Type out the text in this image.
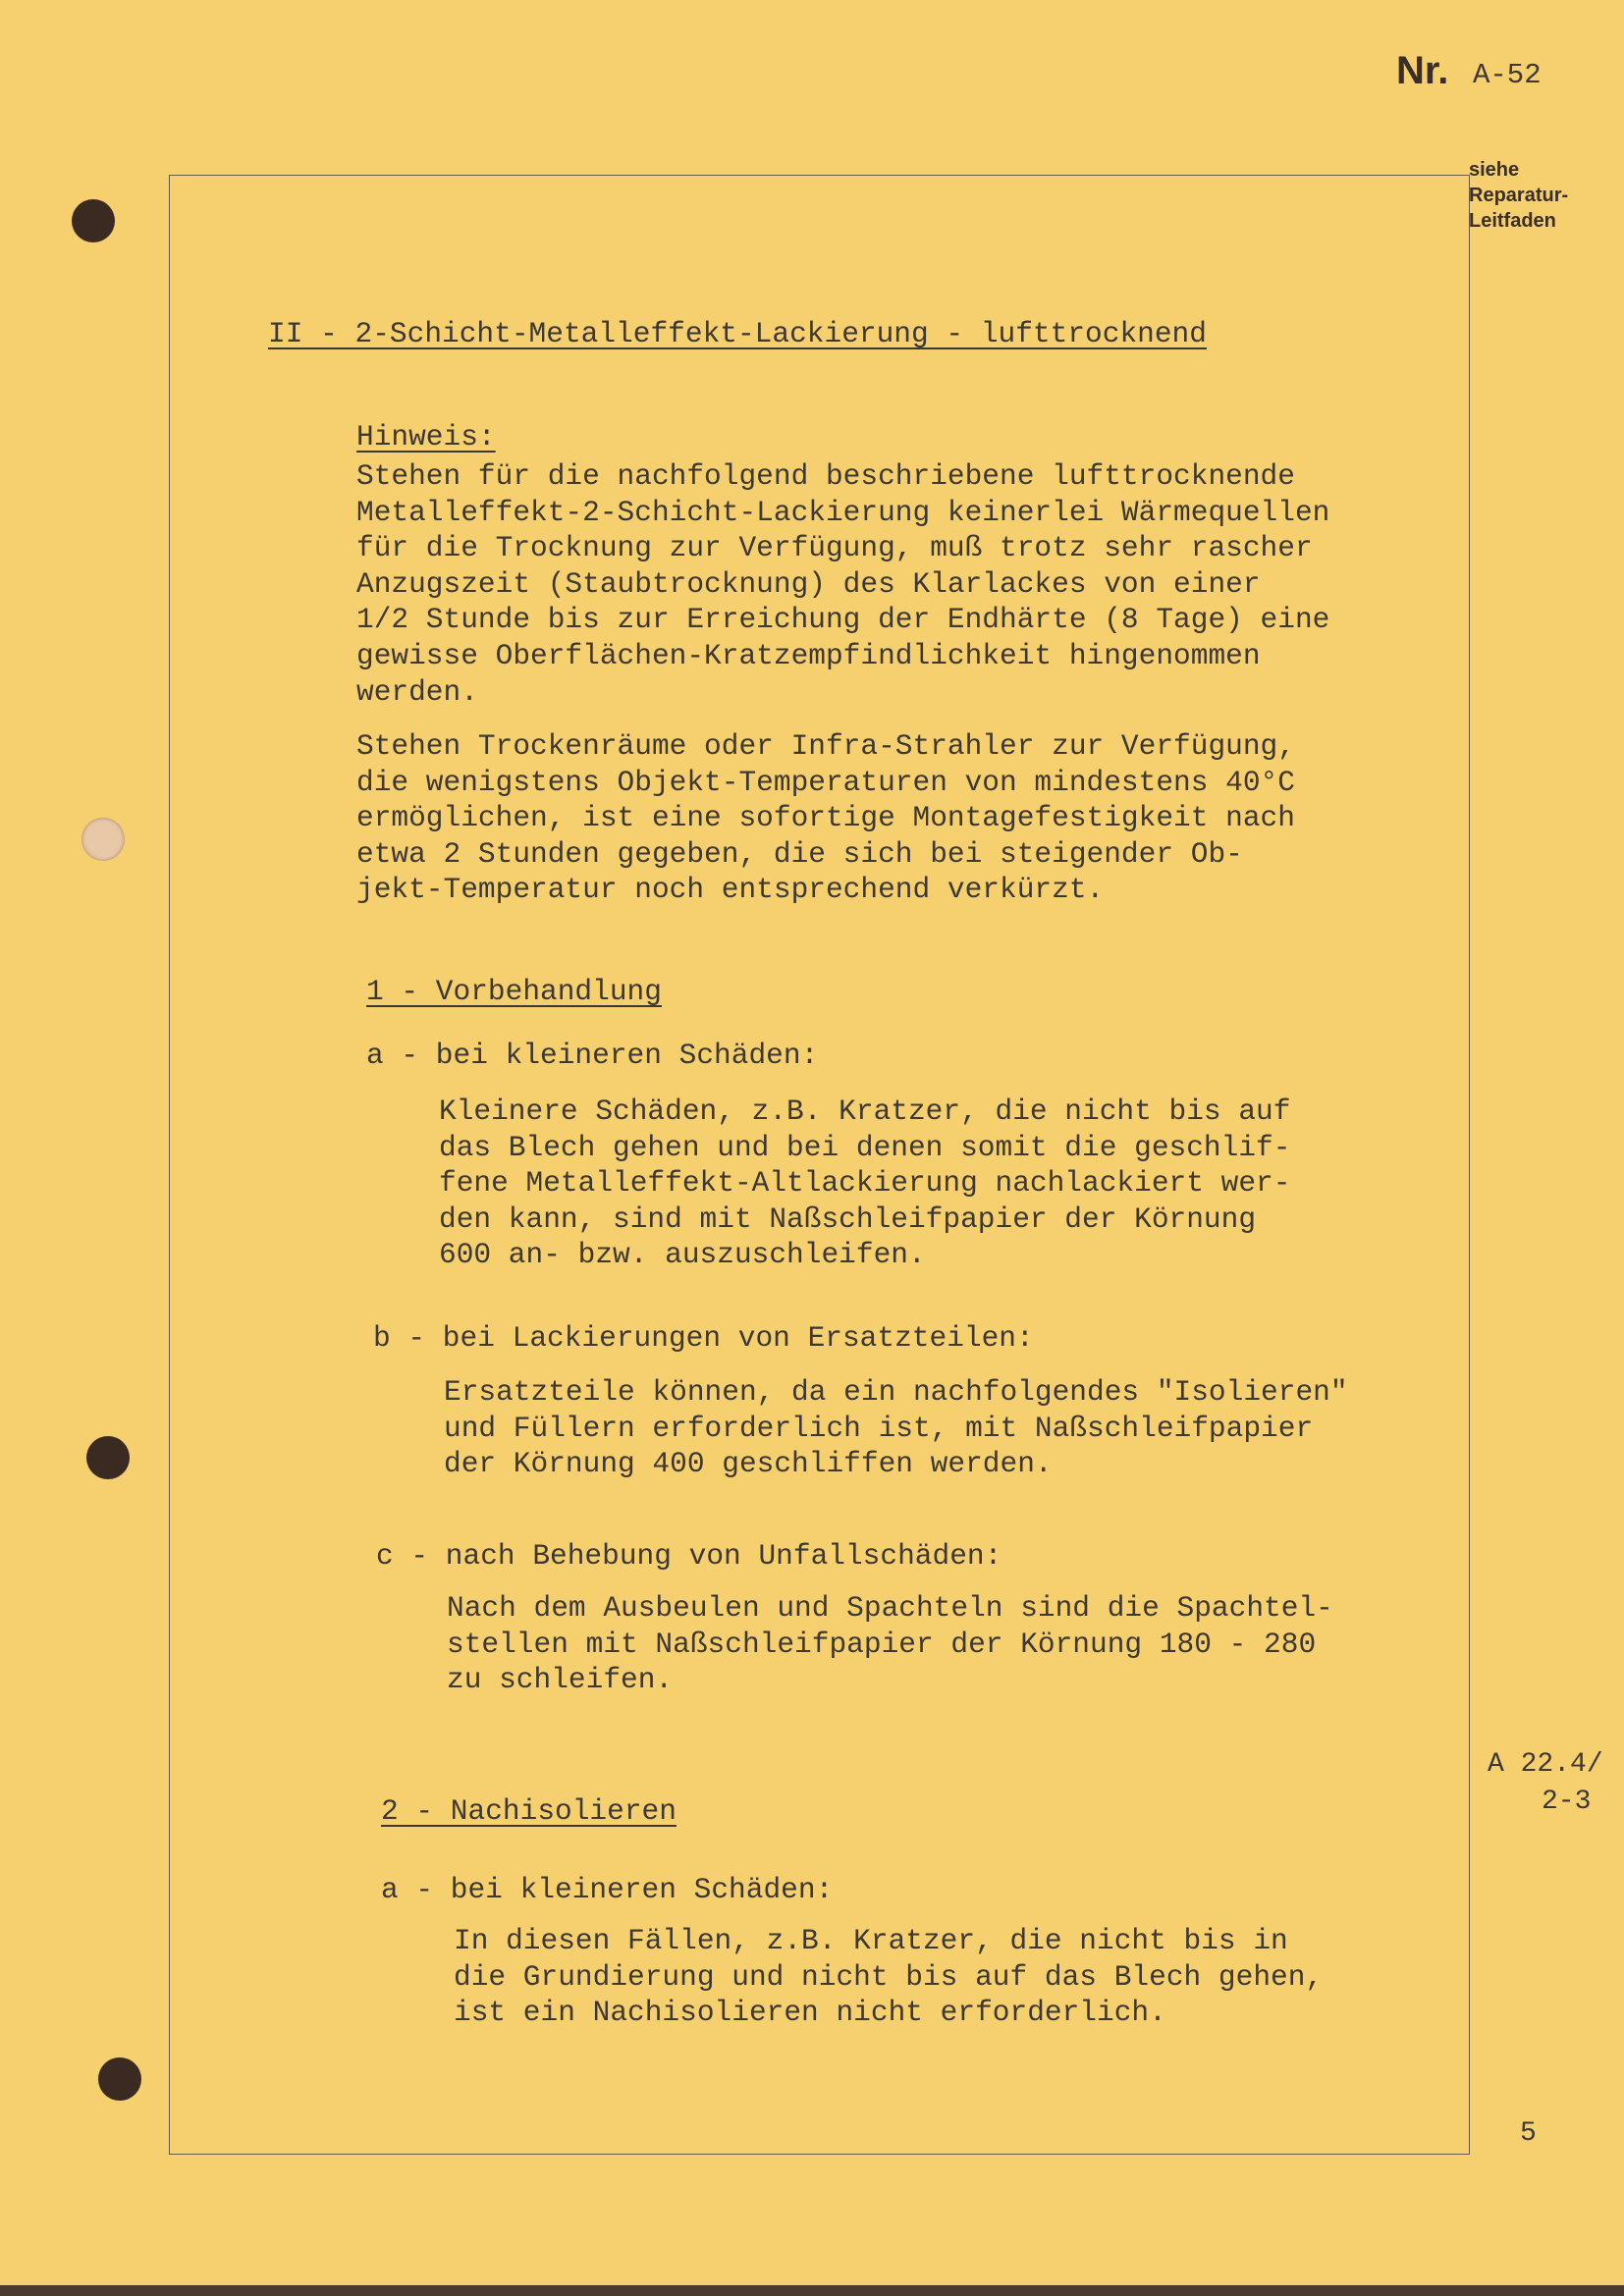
Nr. A-52
siehe
Reparatur-
Leitfaden
II - 2-Schicht-Metalleffekt-Lackierung - lufttrocknend
Hinweis:
Stehen für die nachfolgend beschriebene lufttrocknende
Metalleffekt-2-Schicht-Lackierung keinerlei Wärmequellen
für die Trocknung zur Verfügung, muß trotz sehr rascher
Anzugszeit (Staubtrocknung) des Klarlackes von einer
1/2 Stunde bis zur Erreichung der Endhärte (8 Tage) eine
gewisse Oberflächen-Kratzempfindlichkeit hingenommen
werden.
Stehen Trockenräume oder Infra-Strahler zur Verfügung,
die wenigstens Objekt-Temperaturen von mindestens 40°C
ermöglichen, ist eine sofortige Montagefestigkeit nach
etwa 2 Stunden gegeben, die sich bei steigender Ob-
jekt-Temperatur noch entsprechend verkürzt.
1 - Vorbehandlung
a - bei kleineren Schäden:
Kleinere Schäden, z.B. Kratzer, die nicht bis auf
das Blech gehen und bei denen somit die geschlif-
fene Metalleffekt-Altlackierung nachlackiert wer-
den kann, sind mit Naßschleifpapier der Körnung
600 an- bzw. auszuschleifen.
b - bei Lackierungen von Ersatzteilen:
Ersatzteile können, da ein nachfolgendes "Isolieren"
und Füllern erforderlich ist, mit Naßschleifpapier
der Körnung 400 geschliffen werden.
c - nach Behebung von Unfallschäden:
Nach dem Ausbeulen und Spachteln sind die Spachtel-
stellen mit Naßschleifpapier der Körnung 180 - 280
zu schleifen.
2 - Nachisolieren
a - bei kleineren Schäden:
In diesen Fällen, z.B. Kratzer, die nicht bis in
die Grundierung und nicht bis auf das Blech gehen,
ist ein Nachisolieren nicht erforderlich.
A 22.4/
2-3
5
